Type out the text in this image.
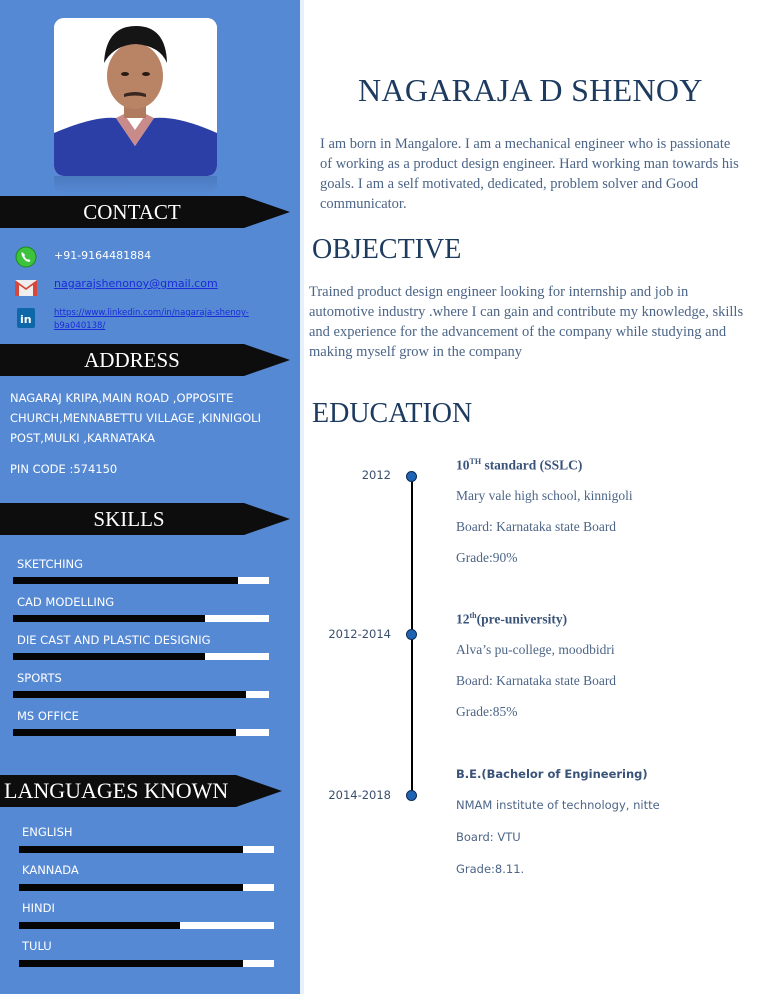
CONTACT
+91-9164481884
nagarajshenonoy@gmail.com
in	https://www.linkedin.com/in/nagaraja-shenoy-b9a040138/
ADDRESS
NAGARAJ KRIPA,MAIN ROAD ,OPPOSITE CHURCH,MENNABETTU VILLAGE ,KINNIGOLI POST,MULKI ,KARNATAKA
PIN CODE :574150
SKILLS
SKETCHING
CAD MODELLING
DIE CAST AND PLASTIC DESIGNIG
SPORTS
MS OFFICE
LANGUAGES KNOWN
ENGLISH
KANNADA
HINDI
TULU
NAGARAJA D SHENOY
I am born in Mangalore. I am a mechanical engineer who is passionate of working as a product design engineer. Hard working man towards his goals. I am a self motivated, dedicated, problem solver and Good communicator.
OBJECTIVE
Trained product design engineer looking for internship and job in automotive industry .where I can gain and contribute my knowledge, skills and experience for the advancement of the company while studying and making myself grow in the company
EDUCATION
2012
10TH standard (SSLC)
Mary vale high school, kinnigoli
Board: Karnataka state Board
Grade:90%
2012-2014
12th(pre-university)
Alva’s pu-college, moodbidri
Board: Karnataka state Board
Grade:85%
2014-2018
B.E.(Bachelor of Engineering)
NMAM institute of technology, nitte
Board: VTU
Grade:8.11.
